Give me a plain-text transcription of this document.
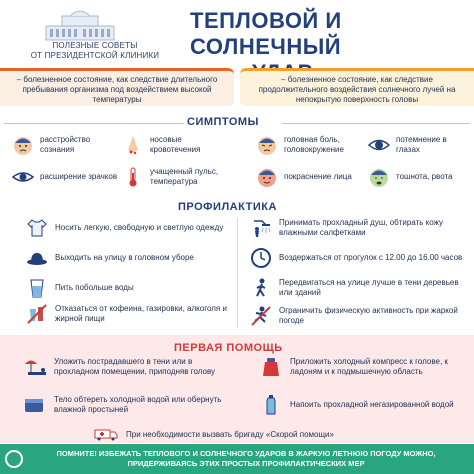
ПОЛЕЗНЫЕ СОВЕТЫ
ОТ ПРЕЗИДЕНТСКОЙ КЛИНИКИ
ТЕПЛОВОЙ И СОЛНЕЧНЫЙ
– болезненное состояние, как следствие длительного пребывания организма под воздействием высокой температуры
– болезненное состояние, как следствие продолжительного воздействия солнечного лучей на непокрытую поверхность головы
СИМПТОМЫ
расстройство сознания
носовые кровотечения
головная боль, головокружение
потемнение в глазах
расширение зрачков
учащенный пульс, температура
покраснение лица	тошнота, рвота
ПРОФИЛАКТИКА
Носить легкую, свободную и светлую одежду
Выходить на улицу в головном уборе
Пить побольше воды
Отказаться от кофеина, газировки, алкоголя и жирной пищи
Принимать прохладный душ, обтирать кожу влажными салфетками
Воздержаться от прогулок с 12.00 до 16.00 часов
Передвигаться на улице лучше в тени деревьев или зданий
Ограничить физическую активность при жаркой погоде
ПЕРВАЯ ПОМОЩЬ
Уложить пострадавшего в тени или в прохладном помещении, приподняв голову
Тело обтереть холодной водой или обернуть влажной простыней
Приложить холодный компресс к голове, к ладоням и к подмышечную область
Напоить прохладной негазированной водой
При необходимости вызвать бригаду «Скорой помощи»
ПОМНИТЕ! ИЗБЕЖАТЬ ТЕПЛОВОГО И СОЛНЕЧНОГО УДАРОВ В ЖАРКУЮ ЛЕТНЮЮ ПОГОДУ МОЖНО,
ПРИДЕРЖИВАЯСЬ ЭТИХ ПРОСТЫХ ПРОФИЛАКТИЧЕСКИХ МЕР
